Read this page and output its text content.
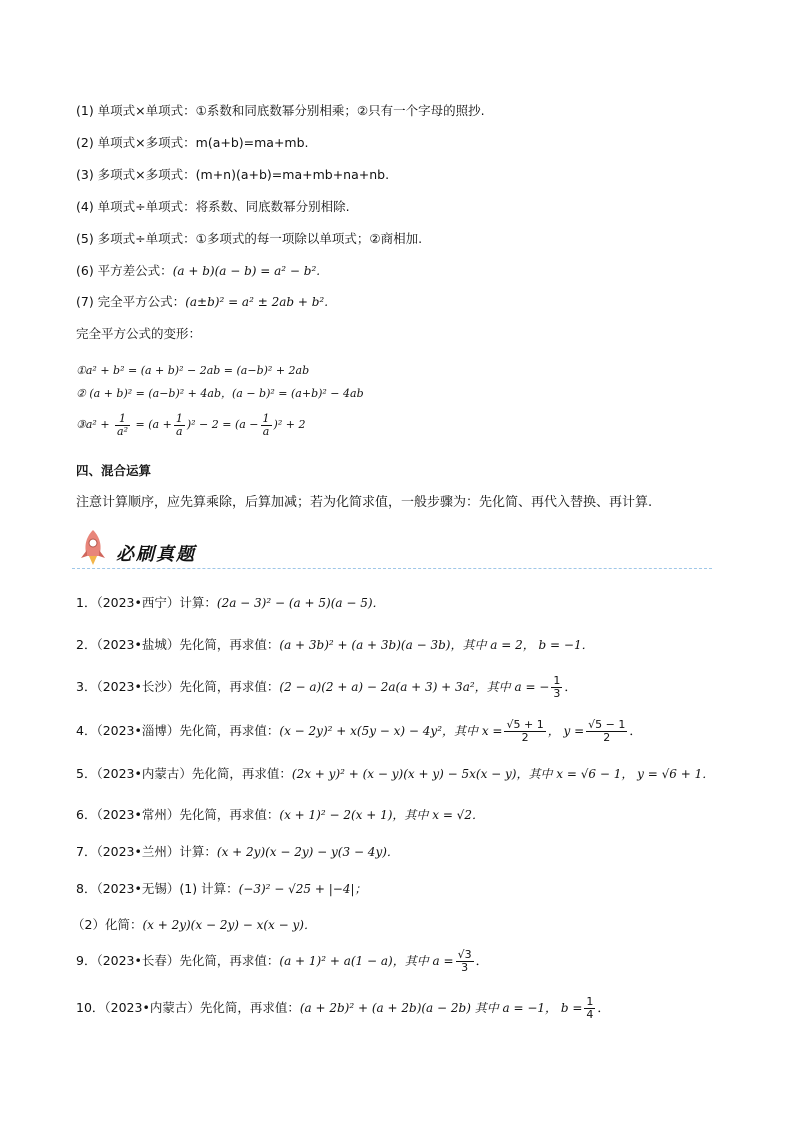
(1) 单项式×单项式：①系数和同底数幂分别相乘；②只有一个字母的照抄.
(2) 单项式×多项式：m(a+b)=ma+mb.
(3) 多项式×多项式：(m+n)(a+b)=ma+mb+na+nb.
(4) 单项式÷单项式：将系数、同底数幂分别相除.
(5) 多项式÷单项式：①多项式的每一项除以单项式；②商相加.
(6) 平方差公式：(a + b)(a − b) = a² − b².
(7) 完全平方公式：(a±b)² = a² ± 2ab + b².
完全平方公式的变形：
①a² + b² = (a + b)² − 2ab = (a−b)² + 2ab
② (a + b)² = (a−b)² + 4ab，(a − b)² = (a+b)² − 4ab
③a² + $\frac{1}{\text{a²}} = (a + \frac{1}{a} )^2 - 2 = (a - \frac{1}{a} )^2 + 2$
四、混合运算
注意计算顺序，应先算乘除，后算加减；若为化简求值，一般步骤为：先化简、再代入替换、再计算.
必刷真题
1．（2023•西宁）计算：(2a − 3)² − (a + 5)(a − 5)．
2．（2023•盐城）先化简，再求值：(a + 3b)² + (a + 3b)(a − 3b)，其中 a = 2， b = −1．
3．（2023•长沙）先化简，再求值：(2 − a)(2 + a) − 2a(a + 3) + 3a²，其中 a = − $\frac{1}{3}$ ．
4．（2023•淄博）先化简，再求值：(x − 2y)² + x(5y − x) − 4y²，其中 $x = \frac{√5 + 1}{2}$ ， $y = \frac{√5 - 1}{2}$ ．
5．（2023•内蒙古）先化简，再求值：(2x + y)² + (x − y)(x + y) − 5x(x − y)，其中 x = √6 − 1， y = √6 + 1．
6．（2023•常州）先化简，再求值：(x + 1)² − 2(x + 1)，其中 x = √2．
7．（2023•兰州）计算：(x + 2y)(x − 2y) − y(3 − 4y)．
8．（2023•无锡）(1) 计算：(−3)² − √25 + |−4|；
（2）化简：(x + 2y)(x − 2y) − x(x − y)．
9．（2023•长春）先化简，再求值：(a + 1)² + a(1 − a)，其中 $a = \frac{√3}{3}$ ．
10．（2023•内蒙古）先化简，再求值：(a + 2b)² + (a + 2b)(a − 2b) 其中 a = −1， $b = \frac{1}{4}$ ．
